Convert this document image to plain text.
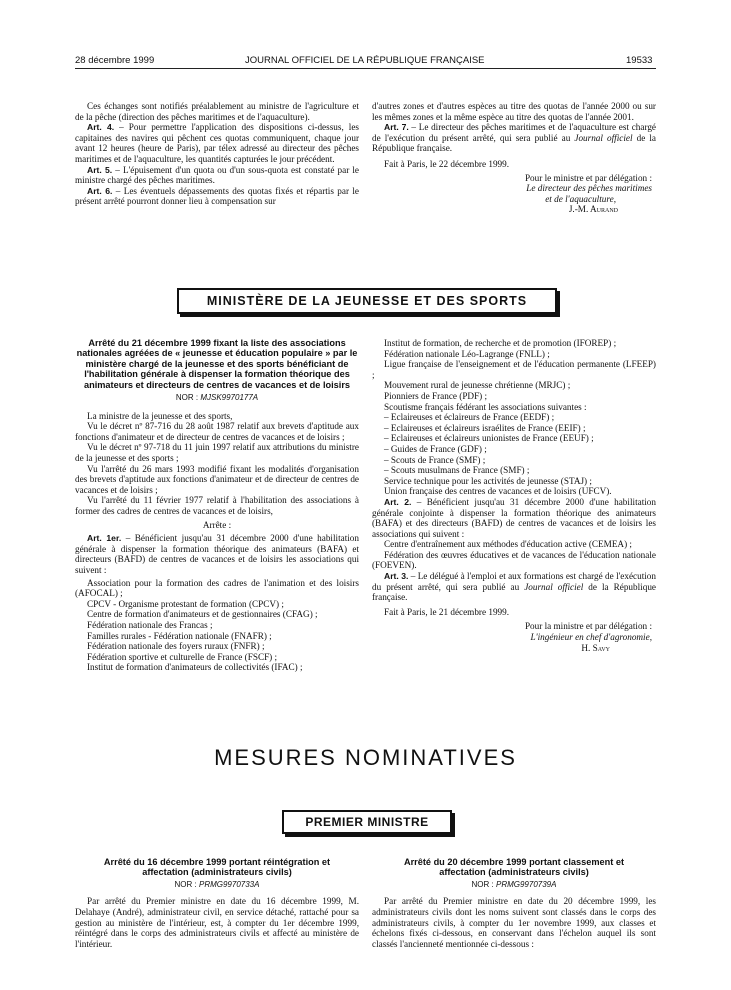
28 décembre 1999	JOURNAL OFFICIEL DE LA RÉPUBLIQUE FRANÇAISE	19533

Ces échanges sont notifiés préalablement au ministre de l'agriculture et de la pêche (direction des pêches maritimes et de l'aquaculture).

Art. 4. – Pour permettre l'application des dispositions ci-dessus, les capitaines des navires qui pêchent ces quotas communiquent, chaque jour avant 12 heures (heure de Paris), par télex adressé au directeur des pêches maritimes et de l'aquaculture, les quantités capturées le jour précédent.

Art. 5. – L'épuisement d'un quota ou d'un sous-quota est constaté par le ministre chargé des pêches maritimes.

Art. 6. – Les éventuels dépassements des quotas fixés et répartis par le présent arrêté pourront donner lieu à compensation sur

d'autres zones et d'autres espèces au titre des quotas de l'année 2000 ou sur les mêmes zones et la même espèce au titre des quotas de l'année 2001.

Art. 7. – Le directeur des pêches maritimes et de l'aquaculture est chargé de l'exécution du présent arrêté, qui sera publié au Journal officiel de la République française.

Fait à Paris, le 22 décembre 1999.

Pour le ministre et par délégation :

Le directeur des pêches maritimes

et de l'aquaculture,

J.-M. Aurand

MINISTÈRE DE LA JEUNESSE ET DES SPORTS

Arrêté du 21 décembre 1999 fixant la liste des associations nationales agréées de « jeunesse et éducation populaire » par le ministère chargé de la jeunesse et des sports bénéficiant de l'habilitation générale à dispenser la formation théorique des animateurs et directeurs de centres de vacances et de loisirs

NOR : MJSK9970177A

La ministre de la jeunesse et des sports,

Vu le décret nº 87-716 du 28 août 1987 relatif aux brevets d'aptitude aux fonctions d'animateur et de directeur de centres de vacances et de loisirs ;

Vu le décret nº 97-718 du 11 juin 1997 relatif aux attributions du ministre de la jeunesse et des sports ;

Vu l'arrêté du 26 mars 1993 modifié fixant les modalités d'organisation des brevets d'aptitude aux fonctions d'animateur et de directeur de centres de vacances et de loisirs ;

Vu l'arrêté du 11 février 1977 relatif à l'habilitation des associations à former des cadres de centres de vacances et de loisirs,

Arrête :

Art. 1er. – Bénéficient jusqu'au 31 décembre 2000 d'une habilitation générale à dispenser la formation théorique des animateurs (BAFA) et directeurs (BAFD) de centres de vacances et de loisirs les associations qui suivent :

Association pour la formation des cadres de l'animation et des loisirs (AFOCAL) ;

CPCV - Organisme protestant de formation (CPCV) ;

Centre de formation d'animateurs et de gestionnaires (CFAG) ;

Fédération nationale des Francas ;

Familles rurales - Fédération nationale (FNAFR) ;

Fédération nationale des foyers ruraux (FNFR) ;

Fédération sportive et culturelle de France (FSCF) ;

Institut de formation d'animateurs de collectivités (IFAC) ;

Institut de formation, de recherche et de promotion (IFOREP) ;

Fédération nationale Léo-Lagrange (FNLL) ;

Ligue française de l'enseignement et de l'éducation permanente (LFEEP) ;

Mouvement rural de jeunesse chrétienne (MRJC) ;

Pionniers de France (PDF) ;

Scoutisme français fédérant les associations suivantes :

– Eclaireuses et éclaireurs de France (EEDF) ;

– Eclaireuses et éclaireurs israélites de France (EEIF) ;

– Eclaireuses et éclaireurs unionistes de France (EEUF) ;

– Guides de France (GDF) ;

– Scouts de France (SMF) ;

– Scouts musulmans de France (SMF) ;

Service technique pour les activités de jeunesse (STAJ) ;

Union française des centres de vacances et de loisirs (UFCV).

Art. 2. – Bénéficient jusqu'au 31 décembre 2000 d'une habilitation générale conjointe à dispenser la formation théorique des animateurs (BAFA) et des directeurs (BAFD) de centres de vacances et de loisirs les associations qui suivent :

Centre d'entraînement aux méthodes d'éducation active (CEMEA) ;

Fédération des œuvres éducatives et de vacances de l'éducation nationale (FOEVEN).

Art. 3. – Le délégué à l'emploi et aux formations est chargé de l'exécution du présent arrêté, qui sera publié au Journal officiel de la République française.

Fait à Paris, le 21 décembre 1999.

Pour la ministre et par délégation :

L'ingénieur en chef d'agronomie,

H. Savy

MESURES NOMINATIVES
PREMIER MINISTRE

Arrêté du 16 décembre 1999 portant réintégration et affectation (administrateurs civils)

NOR : PRMG9970733A

Par arrêté du Premier ministre en date du 16 décembre 1999, M. Delahaye (André), administrateur civil, en service détaché, rattaché pour sa gestion au ministère de l'intérieur, est, à compter du 1er décembre 1999, réintégré dans le corps des administrateurs civils et affecté au ministère de l'intérieur.

Arrêté du 20 décembre 1999 portant classement et affectation (administrateurs civils)

NOR : PRMG9970739A

Par arrêté du Premier ministre en date du 20 décembre 1999, les administrateurs civils dont les noms suivent sont classés dans le corps des administrateurs civils, à compter du 1er novembre 1999, aux classes et échelons fixés ci-dessous, en conservant dans l'échelon auquel ils sont classés l'ancienneté mentionnée ci-dessous :
